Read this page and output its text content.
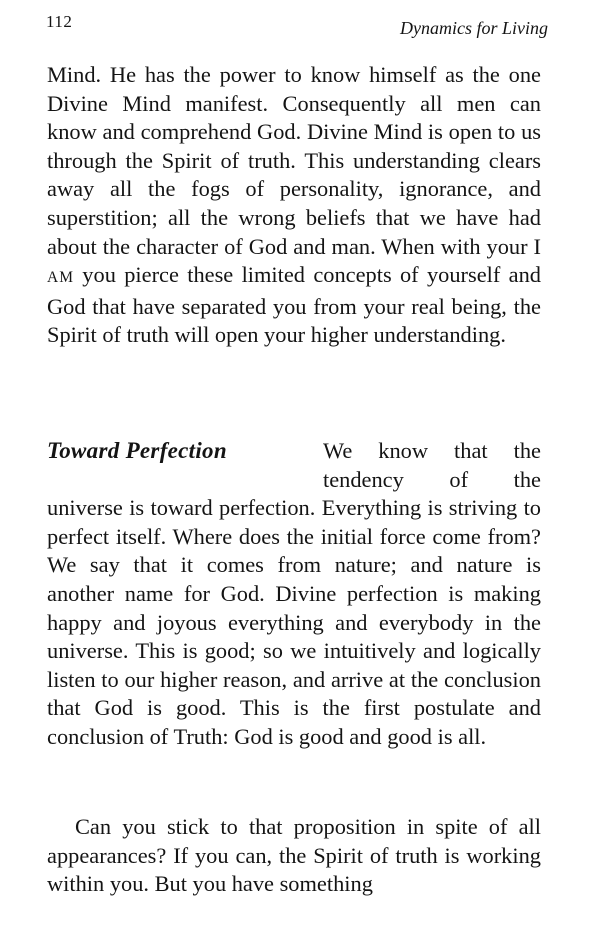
112	Dynamics for Living

Mind. He has the power to know himself as the one Divine Mind manifest. Consequently all men can know and comprehend God. Divine Mind is open to us through the Spirit of truth. This understanding clears away all the fogs of personality, ignorance, and superstition; all the wrong beliefs that we have had about the character of God and man. When with your I AM you pierce these limited concepts of yourself and God that have separated you from your real being, the Spirit of truth will open your higher understanding.

Toward Perfection	We know that the tendency of the universe is toward perfection. Everything is striving to perfect itself. Where does the initial force come from? We say that it comes from nature; and nature is another name for God. Divine perfection is making happy and joyous everything and everybody in the universe. This is good; so we intuitively and logically listen to our higher reason, and arrive at the conclusion that God is good. This is the first postulate and conclusion of Truth: God is good and good is all.

Can you stick to that proposition in spite of all appearances? If you can, the Spirit of truth is working within you. But you have something
